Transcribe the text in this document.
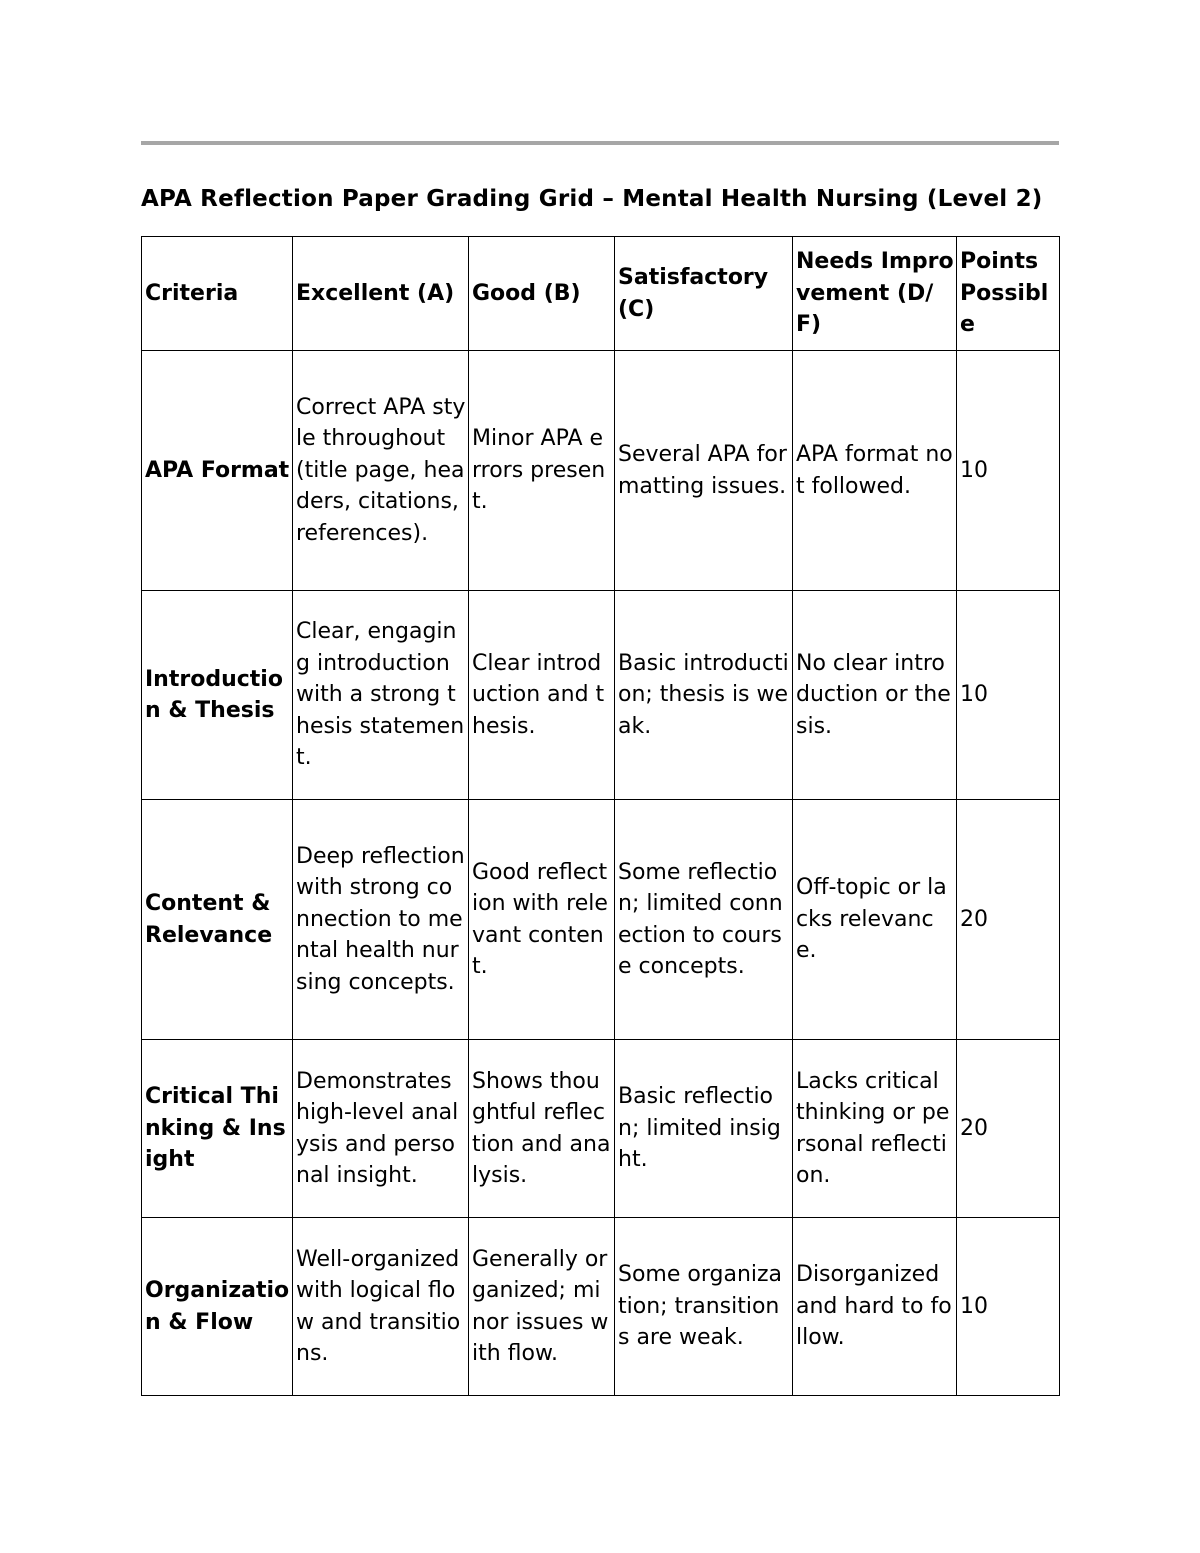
APA Reflection Paper Grading Grid – Mental Health Nursing (Level 2)
Criteria	Excellent (A)	Good (B)	Satisfactory (C)	Needs Improvement (D/F)	Points Possible
APA Format	Correct APA style throughout (title page, headers, citations, references).	Minor APA errors present.	Several APA formatting issues.	APA format not followed.	10
Introduction & Thesis	Clear, engaging introduction with a strong thesis statement.	Clear introduction and thesis.	Basic introduction; thesis is weak.	No clear introduction or thesis.	10
Content & Relevance	Deep reflection with strong connection to mental health nursing concepts.	Good reflection with relevant content.	Some reflection; limited connection to course concepts.	Off-topic or lacks relevance.	20
Critical Thinking & Insight	Demonstrates high-level analysis and personal insight.	Shows thoughtful reflection and analysis.	Basic reflection; limited insight.	Lacks critical thinking or personal reflection.	20
Organization & Flow	Well-organized with logical flow and transitions.	Generally organized; minor issues with flow.	Some organization; transitions are weak.	Disorganized and hard to follow.	10
